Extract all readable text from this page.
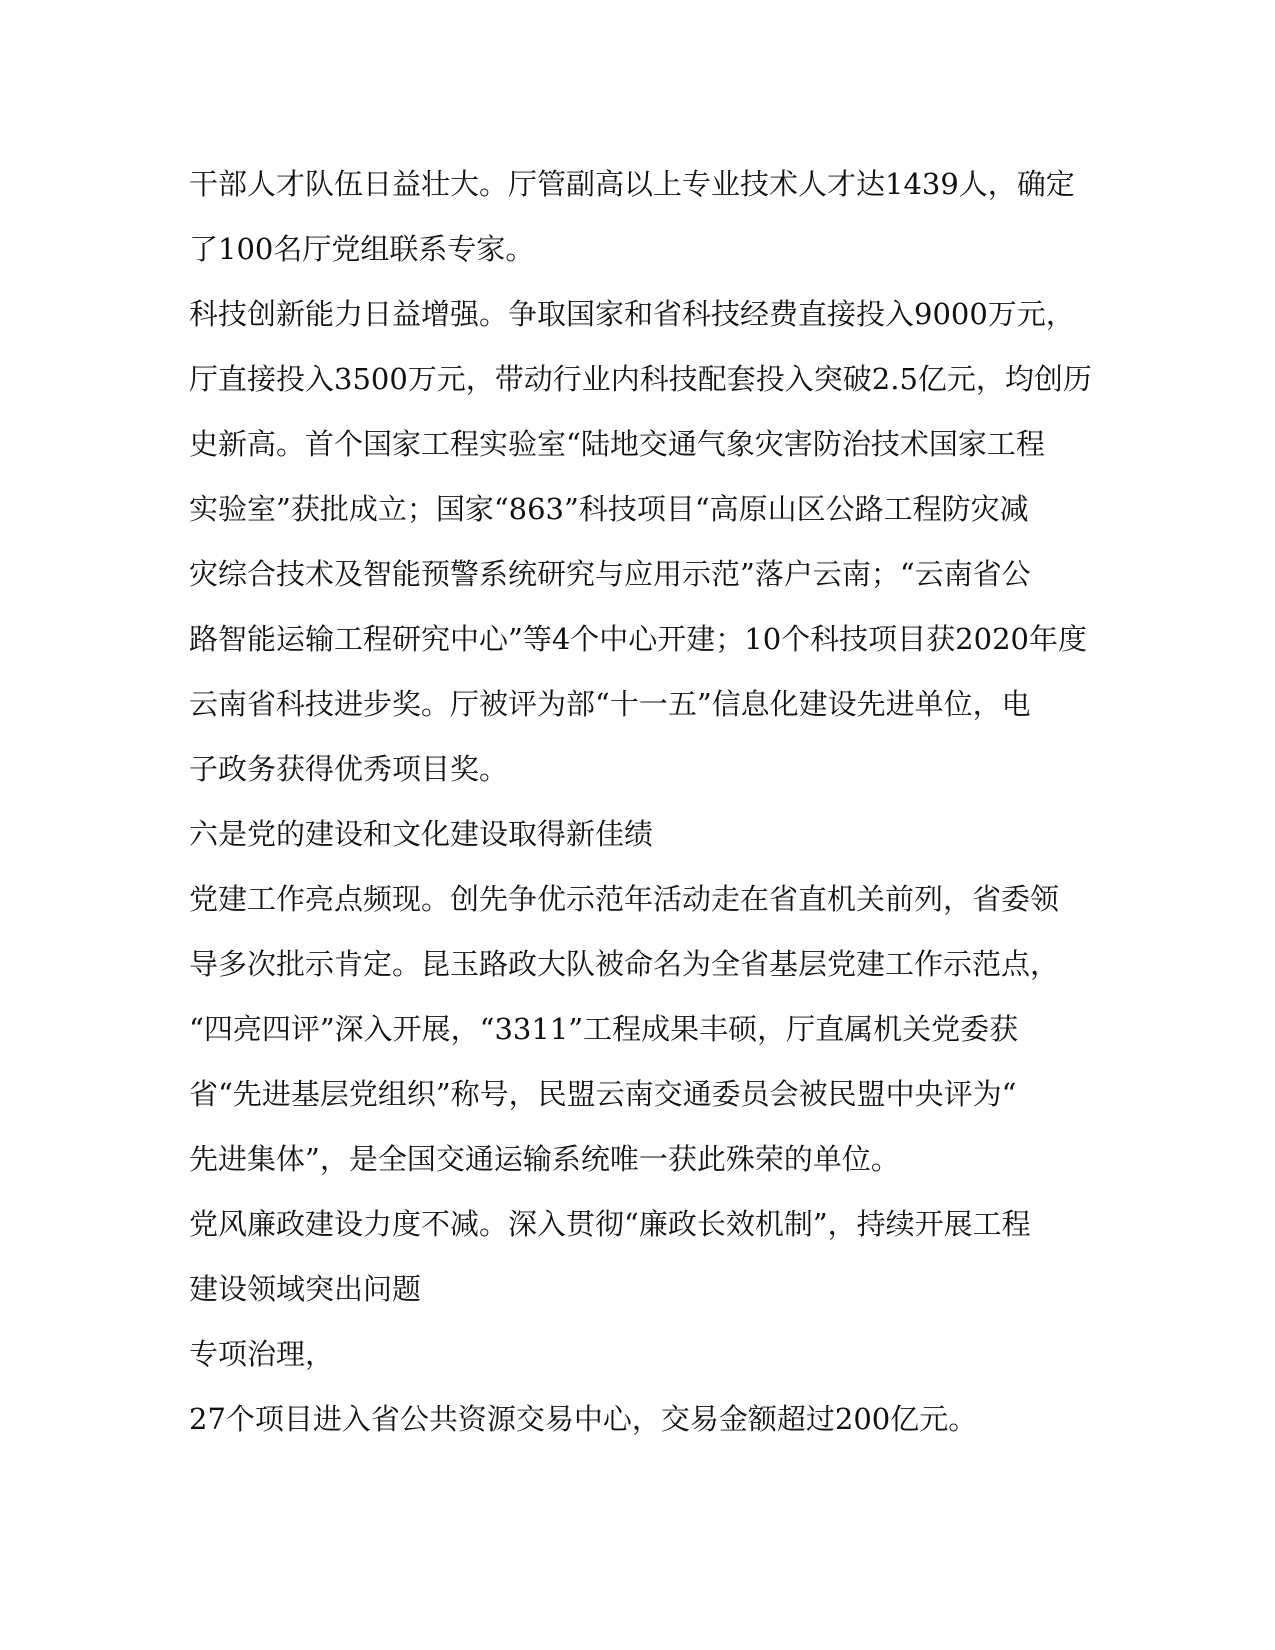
干部人才队伍日益壮大。厅管副高以上专业技术人才达1439人，确定

了100名厅党组联系专家。

科技创新能力日益增强。争取国家和省科技经费直接投入9000万元，

厅直接投入3500万元，带动行业内科技配套投入突破2.5亿元，均创历

史新高。首个国家工程实验室“陆地交通气象灾害防治技术国家工程

实验室”获批成立；国家“863”科技项目“高原山区公路工程防灾减

灾综合技术及智能预警系统研究与应用示范”落户云南；“云南省公

路智能运输工程研究中心”等4个中心开建；10个科技项目获2020年度

云南省科技进步奖。厅被评为部“十一五”信息化建设先进单位，电

子政务获得优秀项目奖。

六是党的建设和文化建设取得新佳绩

党建工作亮点频现。创先争优示范年活动走在省直机关前列，省委领

导多次批示肯定。昆玉路政大队被命名为全省基层党建工作示范点，

“四亮四评”深入开展，“3311”工程成果丰硕，厅直属机关党委获

省“先进基层党组织”称号，民盟云南交通委员会被民盟中央评为“

先进集体”，是全国交通运输系统唯一获此殊荣的单位。

党风廉政建设力度不减。深入贯彻“廉政长效机制”，持续开展工程

建设领域突出问题

专项治理，

27个项目进入省公共资源交易中心，交易金额超过200亿元。
